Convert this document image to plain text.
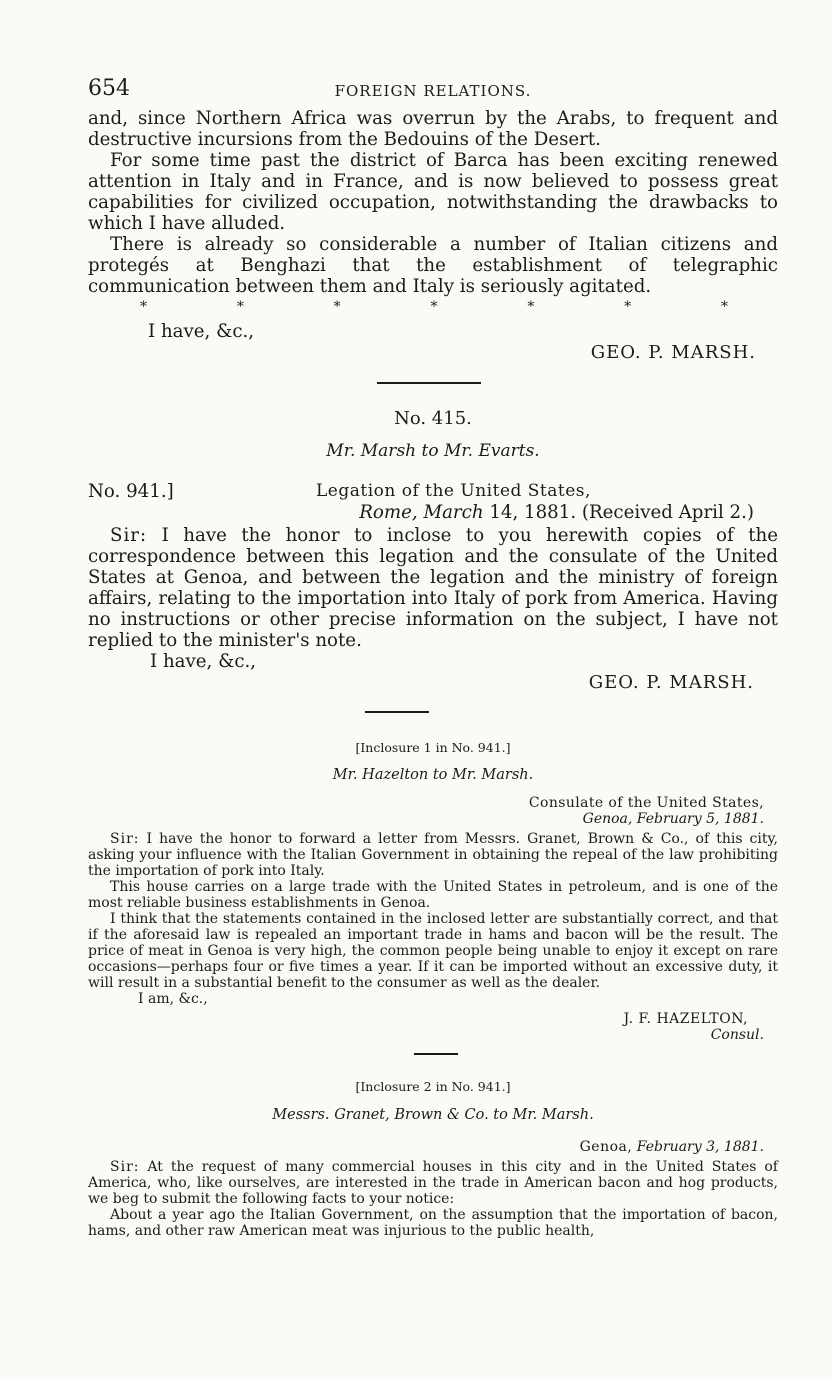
654	FOREIGN RELATIONS.

and, since Northern Africa was overrun by the Arabs, to frequent and destructive incursions from the Bedouins of the Desert.

For some time past the district of Barca has been exciting renewed attention in Italy and in France, and is now believed to possess great capabilities for civilized occupation, notwithstanding the drawbacks to which I have alluded.

There is already so considerable a number of Italian citizens and protegés at Benghazi that the establishment of telegraphic communication between them and Italy is seriously agitated.

*	*	*	*	*	*	*
I have, &c.,
GEO. P. MARSH.
No. 415.
Mr. Marsh to Mr. Evarts.
No. 941.]	Legation of the United States,
Rome, March 14, 1881. (Received April 2.)

Sir: I have the honor to inclose to you herewith copies of the correspondence between this legation and the consulate of the United States at Genoa, and between the legation and the ministry of foreign affairs, relating to the importation into Italy of pork from America. Having no instructions or other precise information on the subject, I have not replied to the minister's note.

I have, &c.,
GEO. P. MARSH.
[Inclosure 1 in No. 941.]
Mr. Hazelton to Mr. Marsh.
Consulate of the United States,
Genoa, February 5, 1881.

Sir: I have the honor to forward a letter from Messrs. Granet, Brown & Co., of this city, asking your influence with the Italian Government in obtaining the repeal of the law prohibiting the importation of pork into Italy.

This house carries on a large trade with the United States in petroleum, and is one of the most reliable business establishments in Genoa.

I think that the statements contained in the inclosed letter are substantially correct, and that if the aforesaid law is repealed an important trade in hams and bacon will be the result. The price of meat in Genoa is very high, the common people being unable to enjoy it except on rare occasions—perhaps four or five times a year. If it can be imported without an excessive duty, it will result in a substantial benefit to the consumer as well as the dealer.

I am, &c.,
J. F. HAZELTON,
Consul.
[Inclosure 2 in No. 941.]
Messrs. Granet, Brown & Co. to Mr. Marsh.
Genoa, February 3, 1881.

Sir: At the request of many commercial houses in this city and in the United States of America, who, like ourselves, are interested in the trade in American bacon and hog products, we beg to submit the following facts to your notice:

About a year ago the Italian Government, on the assumption that the importation of bacon, hams, and other raw American meat was injurious to the public health,
